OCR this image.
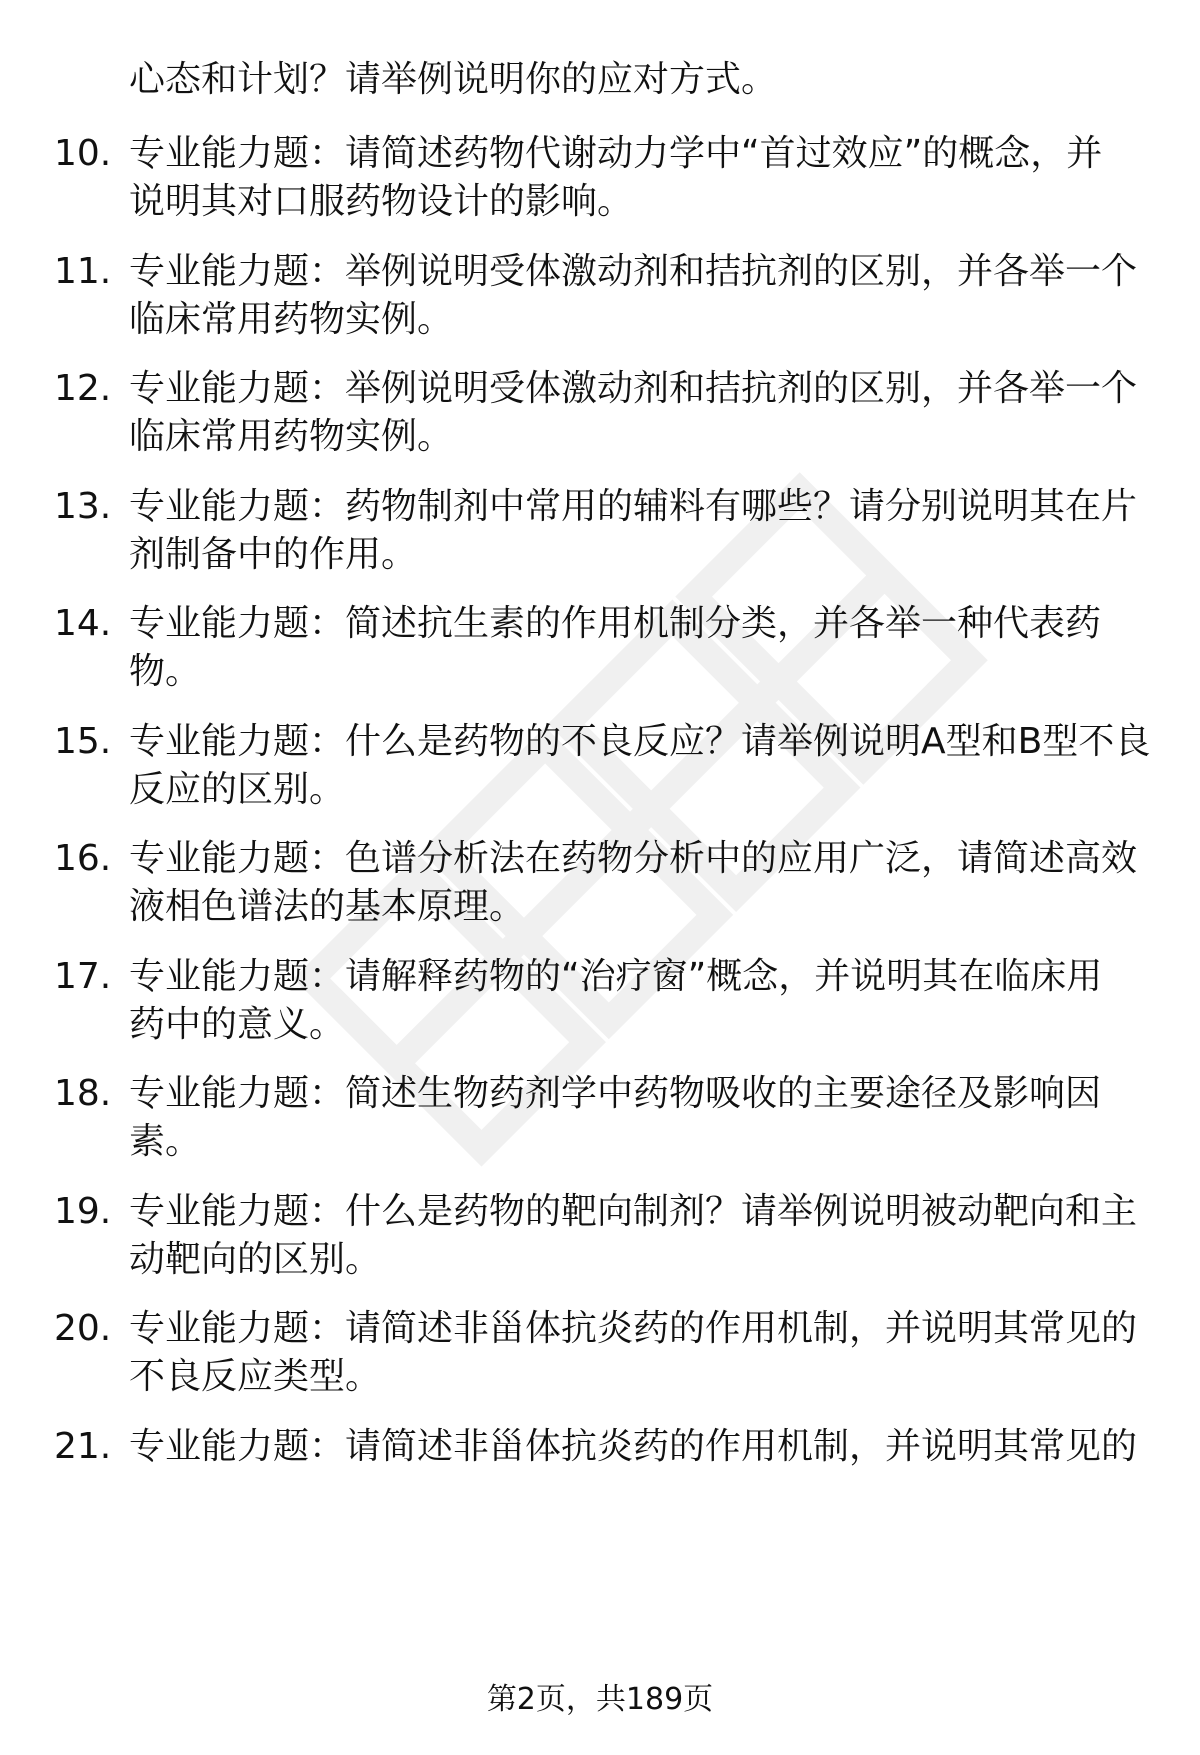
心态和计划？请举例说明你的应对方式。
10. 专业能力题：请简述药物代谢动力学中“首过效应”的概念，并
说明其对口服药物设计的影响。
11. 专业能力题：举例说明受体激动剂和拮抗剂的区别，并各举一个
临床常用药物实例。
12. 专业能力题：举例说明受体激动剂和拮抗剂的区别，并各举一个
临床常用药物实例。
13. 专业能力题：药物制剂中常用的辅料有哪些？请分别说明其在片
剂制备中的作用。
14. 专业能力题：简述抗生素的作用机制分类，并各举一种代表药
物。
15. 专业能力题：什么是药物的不良反应？请举例说明A型和B型不良
反应的区别。
16. 专业能力题：色谱分析法在药物分析中的应用广泛，请简述高效
液相色谱法的基本原理。
17. 专业能力题：请解释药物的“治疗窗”概念，并说明其在临床用
药中的意义。
18. 专业能力题：简述生物药剂学中药物吸收的主要途径及影响因
素。
19. 专业能力题：什么是药物的靶向制剂？请举例说明被动靶向和主
动靶向的区别。
20. 专业能力题：请简述非甾体抗炎药的作用机制，并说明其常见的
不良反应类型。
21. 专业能力题：请简述非甾体抗炎药的作用机制，并说明其常见的
第2页，共189页
